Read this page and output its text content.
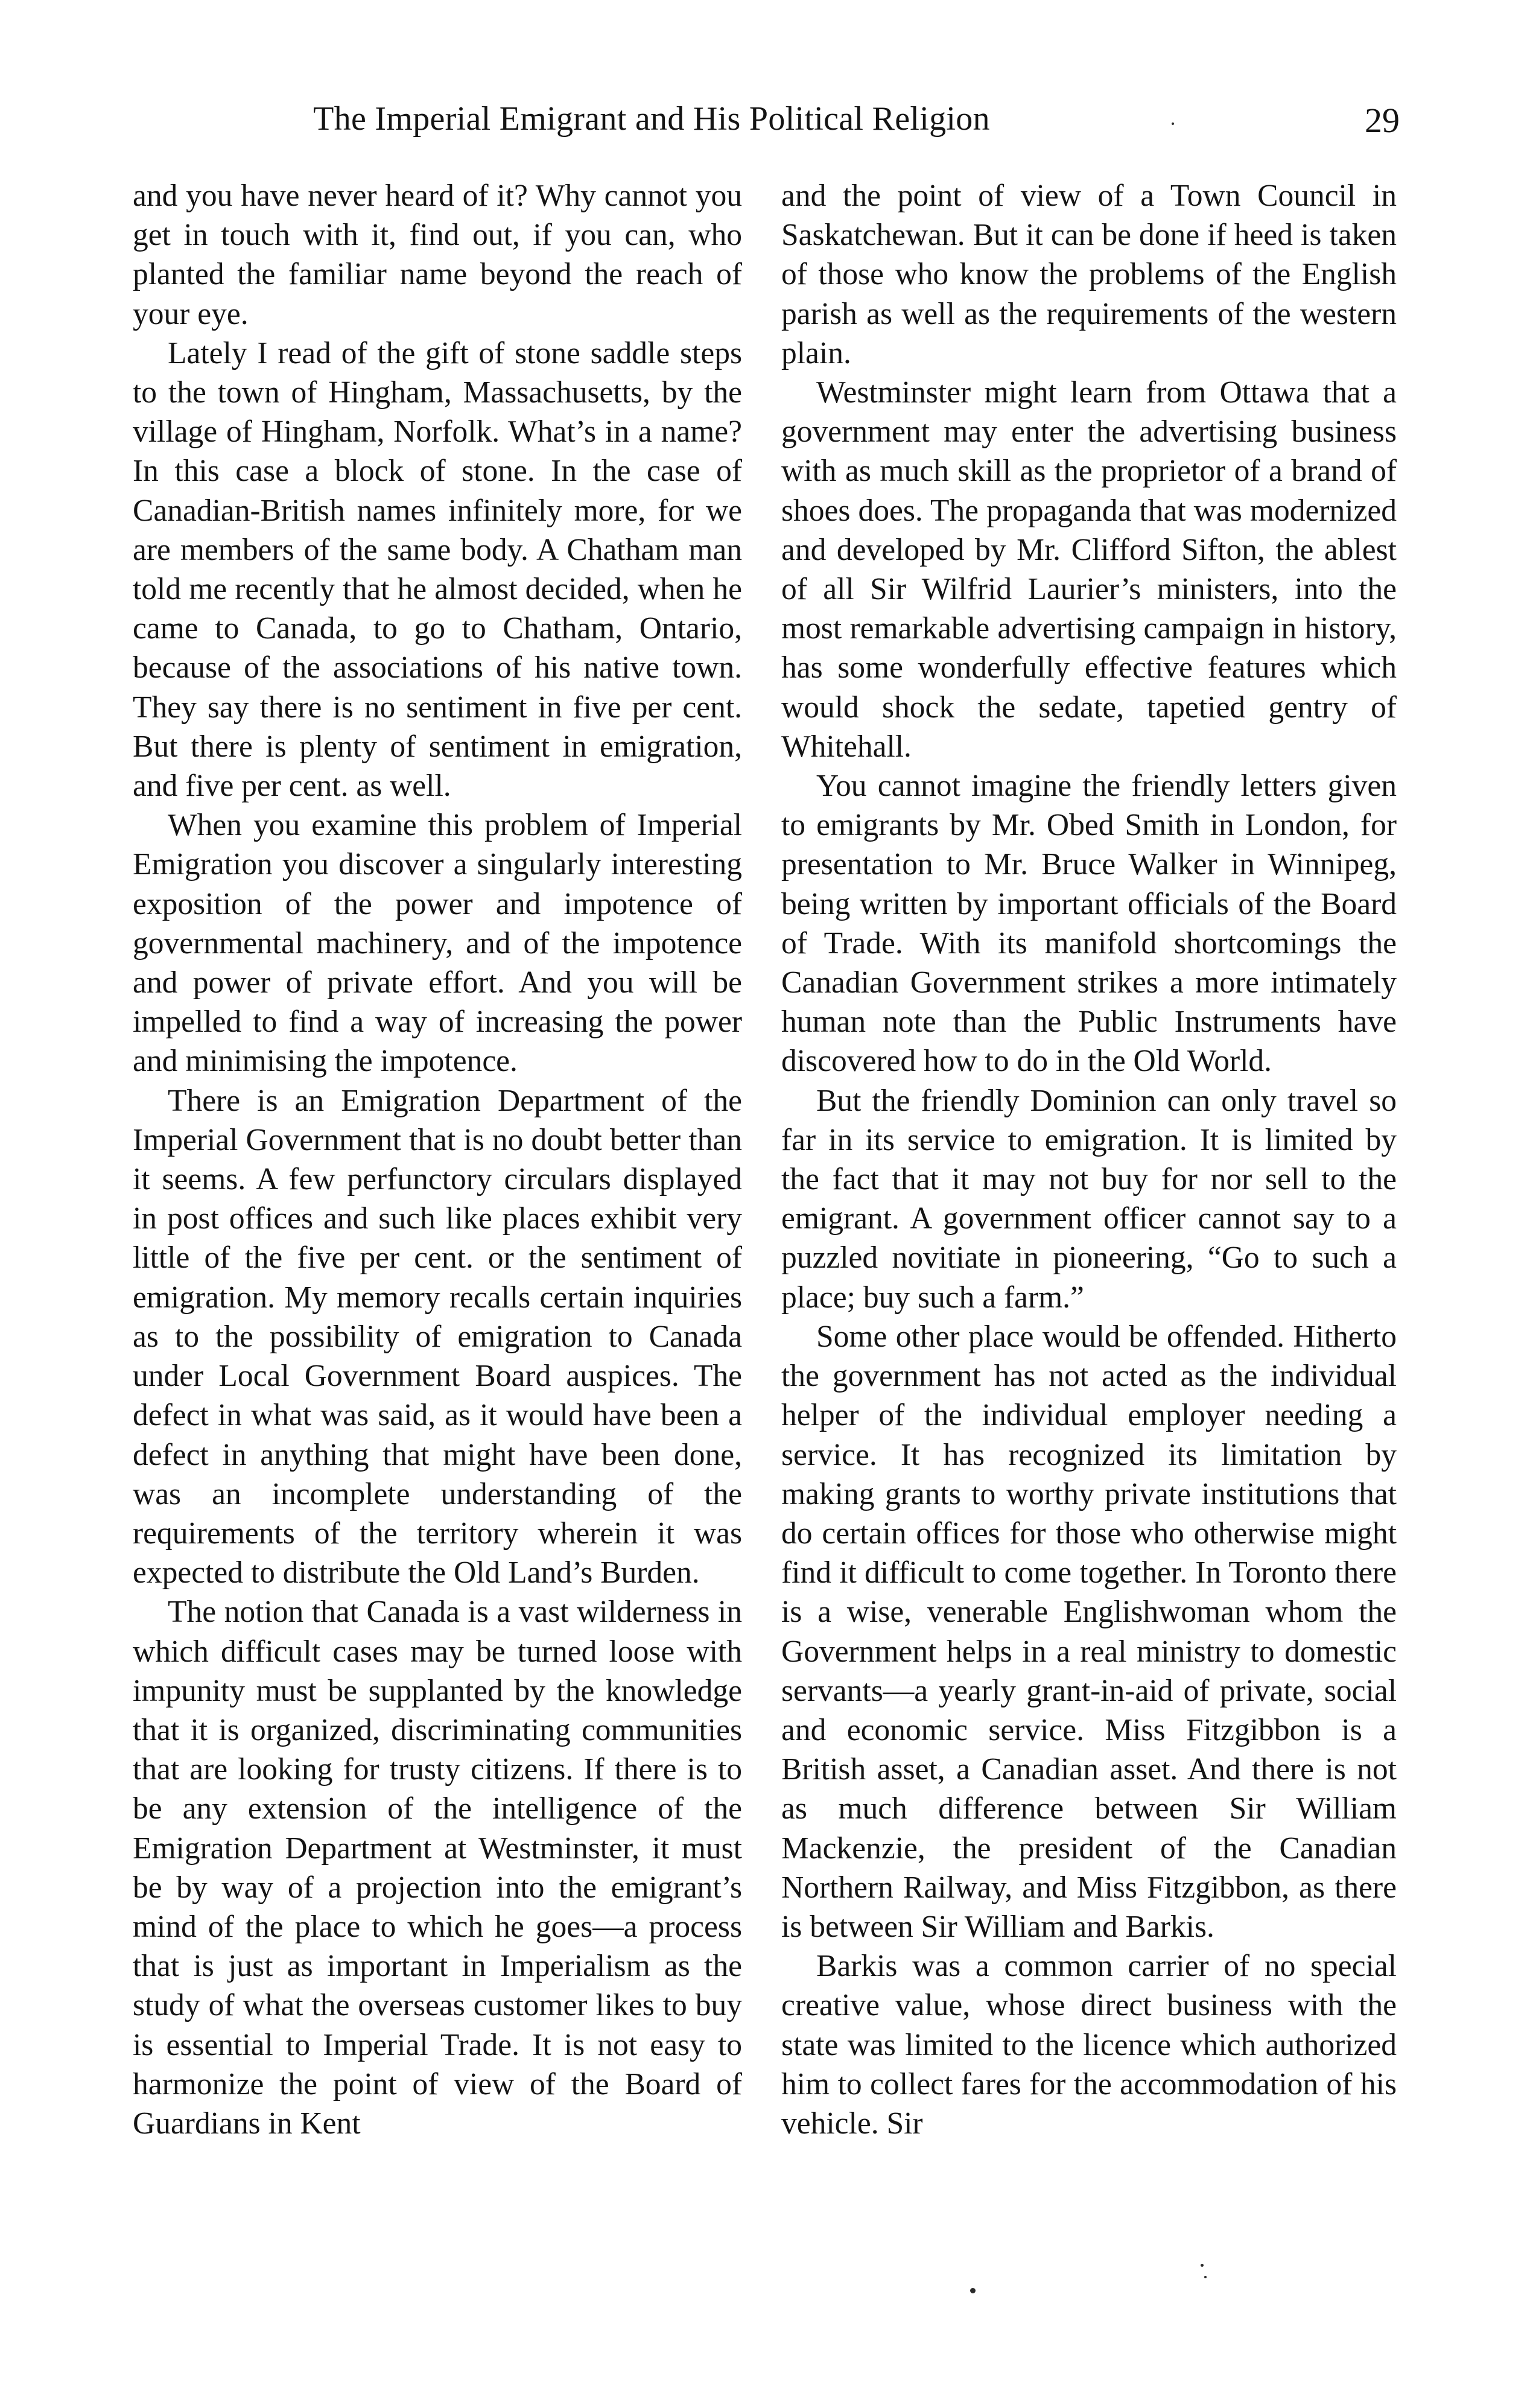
The Imperial Emigrant and His Political Religion	29

and you have never heard of it? Why cannot you get in touch with it, find out, if you can, who planted the familiar name beyond the reach of your eye.

Lately I read of the gift of stone saddle steps to the town of Hingham, Massachusetts, by the village of Hingham, Norfolk. What’s in a name? In this case a block of stone. In the case of Canadian-British names infinitely more, for we are members of the same body. A Chatham man told me recently that he almost decided, when he came to Canada, to go to Chatham, Ontario, because of the associations of his native town. They say there is no sentiment in five per cent. But there is plenty of sentiment in emigration, and five per cent. as well.

When you examine this problem of Imperial Emigration you discover a singularly interesting exposition of the power and impotence of governmental machinery, and of the impotence and power of private effort. And you will be impelled to find a way of increasing the power and minimising the impotence.

There is an Emigration Department of the Imperial Government that is no doubt better than it seems. A few perfunctory circulars displayed in post offices and such like places exhibit very little of the five per cent. or the sentiment of emigration. My memory recalls certain inquiries as to the possibility of emigration to Canada under Local Government Board auspices. The defect in what was said, as it would have been a defect in anything that might have been done, was an incomplete understanding of the requirements of the territory wherein it was expected to distribute the Old Land’s Burden.

The notion that Canada is a vast wilderness in which difficult cases may be turned loose with impunity must be supplanted by the knowledge that it is organized, discriminating communities that are looking for trusty citizens. If there is to be any extension of the intelligence of the Emigration Department at Westminster, it must be by way of a projection into the emigrant’s mind of the place to which he goes—a process that is just as important in Imperialism as the study of what the overseas customer likes to buy is essential to Imperial Trade. It is not easy to harmonize the point of view of the Board of Guardians in Kent

and the point of view of a Town Council in Saskatchewan. But it can be done if heed is taken of those who know the problems of the English parish as well as the requirements of the western plain.

Westminster might learn from Ottawa that a government may enter the advertising business with as much skill as the proprietor of a brand of shoes does. The propaganda that was modernized and developed by Mr. Clifford Sifton, the ablest of all Sir Wilfrid Laurier’s ministers, into the most remarkable advertising campaign in history, has some wonderfully effective features which would shock the sedate, tapetied gentry of Whitehall.

You cannot imagine the friendly letters given to emigrants by Mr. Obed Smith in London, for presentation to Mr. Bruce Walker in Winnipeg, being written by important officials of the Board of Trade. With its manifold shortcomings the Canadian Government strikes a more intimately human note than the Public Instruments have discovered how to do in the Old World.

But the friendly Dominion can only travel so far in its service to emigration. It is limited by the fact that it may not buy for nor sell to the emigrant. A government officer cannot say to a puzzled novitiate in pioneering, “Go to such a place; buy such a farm.”

Some other place would be offended. Hitherto the government has not acted as the individual helper of the individual employer needing a service. It has recognized its limitation by making grants to worthy private institutions that do certain offices for those who otherwise might find it difficult to come together. In Toronto there is a wise, venerable Englishwoman whom the Government helps in a real ministry to domestic servants—a yearly grant-in-aid of private, social and economic service. Miss Fitzgibbon is a British asset, a Canadian asset. And there is not as much difference between Sir William Mackenzie, the president of the Canadian Northern Railway, and Miss Fitzgibbon, as there is between Sir William and Barkis.

Barkis was a common carrier of no special creative value, whose direct business with the state was limited to the licence which authorized him to collect fares for the accommodation of his vehicle. Sir
